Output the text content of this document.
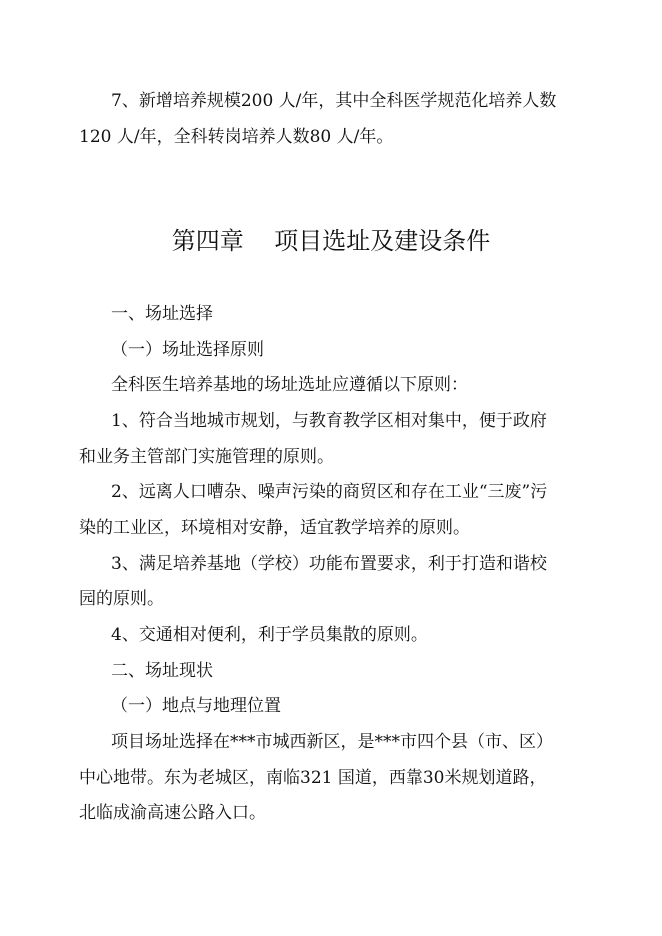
7、新增培养规模200 人/年，其中全科医学规范化培养人数
120 人/年，全科转岗培养人数80 人/年。
第四章    项目选址及建设条件
一、场址选择
（一）场址选择原则
全科医生培养基地的场址选址应遵循以下原则：
1、符合当地城市规划，与教育教学区相对集中，便于政府
和业务主管部门实施管理的原则。
2、远离人口嘈杂、噪声污染的商贸区和存在工业“三废”污
染的工业区，环境相对安静，适宜教学培养的原则。
3、满足培养基地（学校）功能布置要求，利于打造和谐校
园的原则。
4、交通相对便利，利于学员集散的原则。
二、场址现状
（一）地点与地理位置
项目场址选择在***市城西新区，是***市四个县（市、区）
中心地带。东为老城区，南临321 国道，西靠30米规划道路，
北临成渝高速公路入口。
